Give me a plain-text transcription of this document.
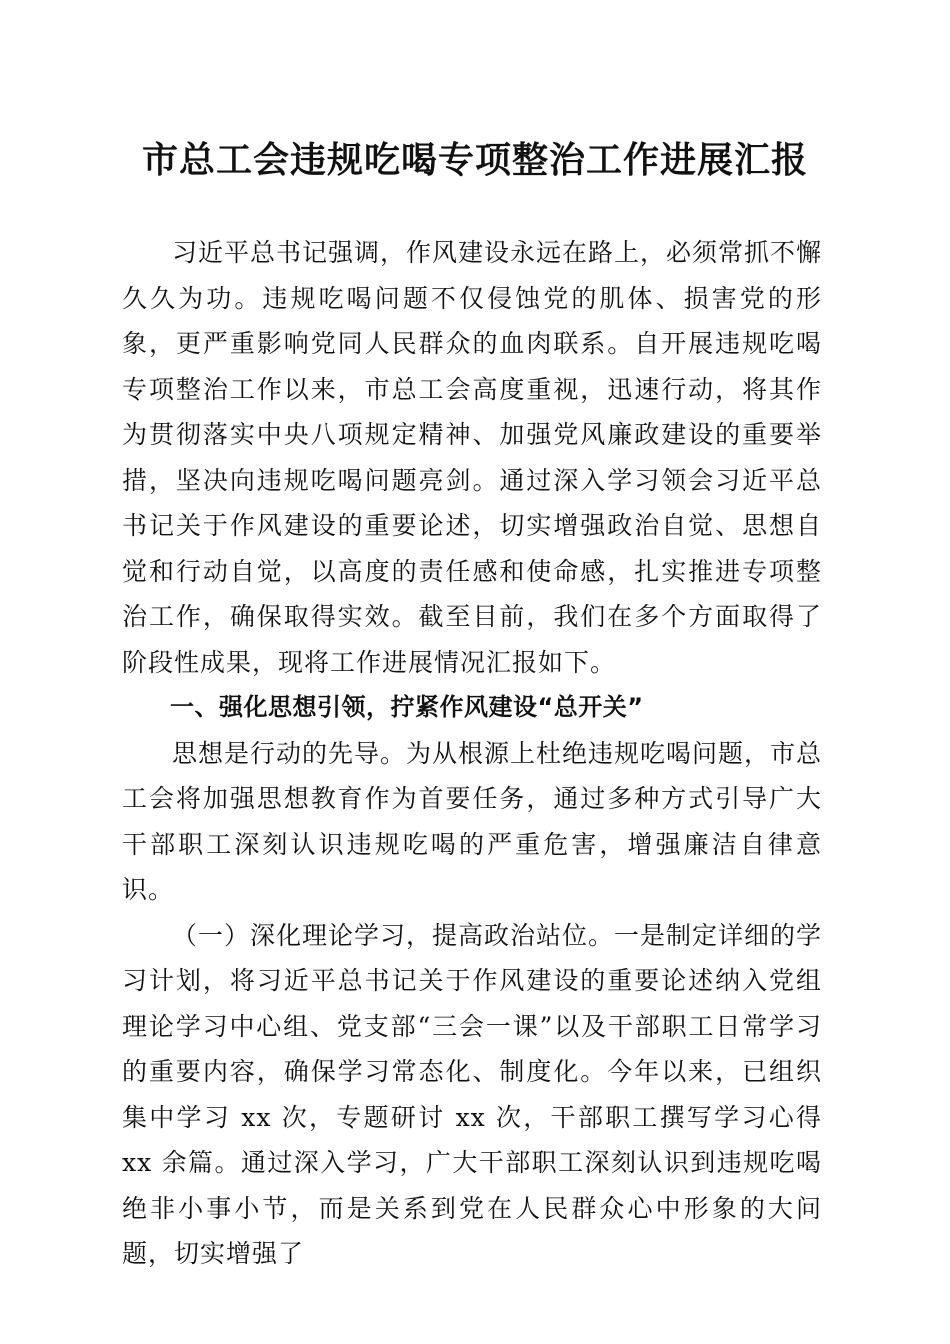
市总工会违规吃喝专项整治工作进展汇报

习近平总书记强调，作风建设永远在路上，必须常抓不懈久久为功。违规吃喝问题不仅侵蚀党的肌体、损害党的形象，更严重影响党同人民群众的血肉联系。自开展违规吃喝专项整治工作以来，市总工会高度重视，迅速行动，将其作为贯彻落实中央八项规定精神、加强党风廉政建设的重要举措，坚决向违规吃喝问题亮剑。通过深入学习领会习近平总书记关于作风建设的重要论述，切实增强政治自觉、思想自觉和行动自觉，以高度的责任感和使命感，扎实推进专项整治工作，确保取得实效。截至目前，我们在多个方面取得了阶段性成果，现将工作进展情况汇报如下。

一、强化思想引领，拧紧作风建设“总开关”

思想是行动的先导。为从根源上杜绝违规吃喝问题，市总工会将加强思想教育作为首要任务，通过多种方式引导广大干部职工深刻认识违规吃喝的严重危害，增强廉洁自律意识。

（一）深化理论学习，提高政治站位。一是制定详细的学习计划，将习近平总书记关于作风建设的重要论述纳入党组理论学习中心组、党支部“三会一课”以及干部职工日常学习的重要内容，确保学习常态化、制度化。今年以来，已组织集中学习 xx 次，专题研讨 xx 次，干部职工撰写学习心得 xx 余篇。通过深入学习，广大干部职工深刻认识到违规吃喝绝非小事小节，而是关系到党在人民群众心中形象的大问题，切实增强了
